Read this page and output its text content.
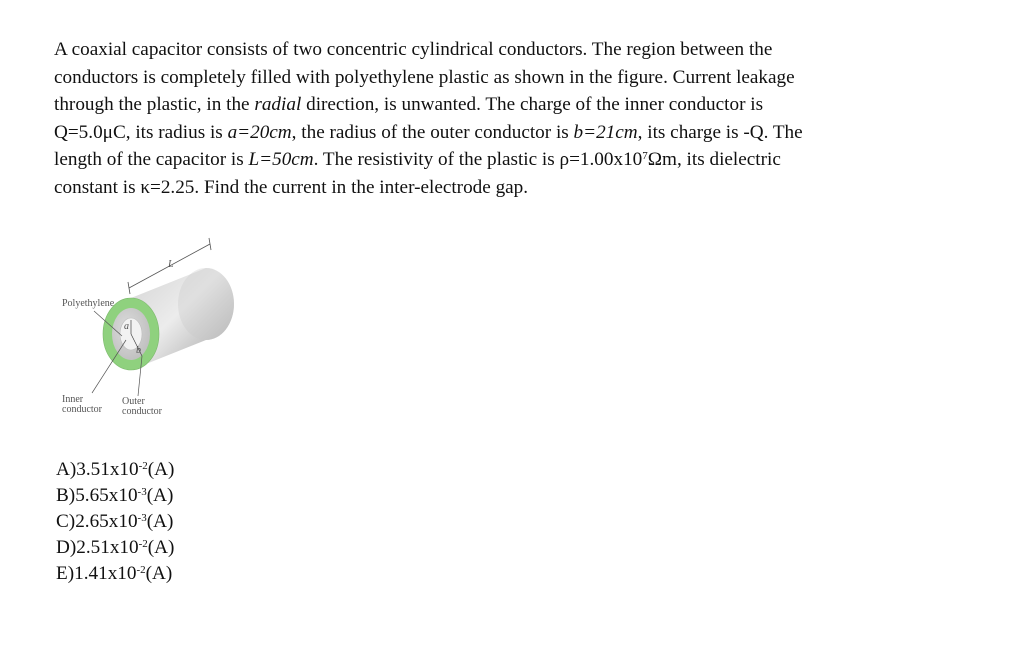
A coaxial capacitor consists of two concentric cylindrical conductors. The region between the
conductors is completely filled with polyethylene plastic as shown in the figure. Current leakage
through the plastic, in the radial direction, is unwanted. The charge of the inner conductor is
Q=5.0μC, its radius is a=20cm, the radius of the outer conductor is b=21cm, its charge is -Q. The
length of the capacitor is L=50cm. The resistivity of the plastic is $\rho=1.00x10^7\Omega m$, its dielectric
constant is κ=2.25. Find the current in the inter-electrode gap.
L
a
b
Polyethylene
Inner
conductor
Outer
conductor
$A)3.51x10^{-2}(A)$
$B)5.65x10^{-3}(A)$
$C)2.65x10^{-3}(A)$
$D)2.51x10^{-2}(A)$
$E)1.41x10^{-2}(A)$
